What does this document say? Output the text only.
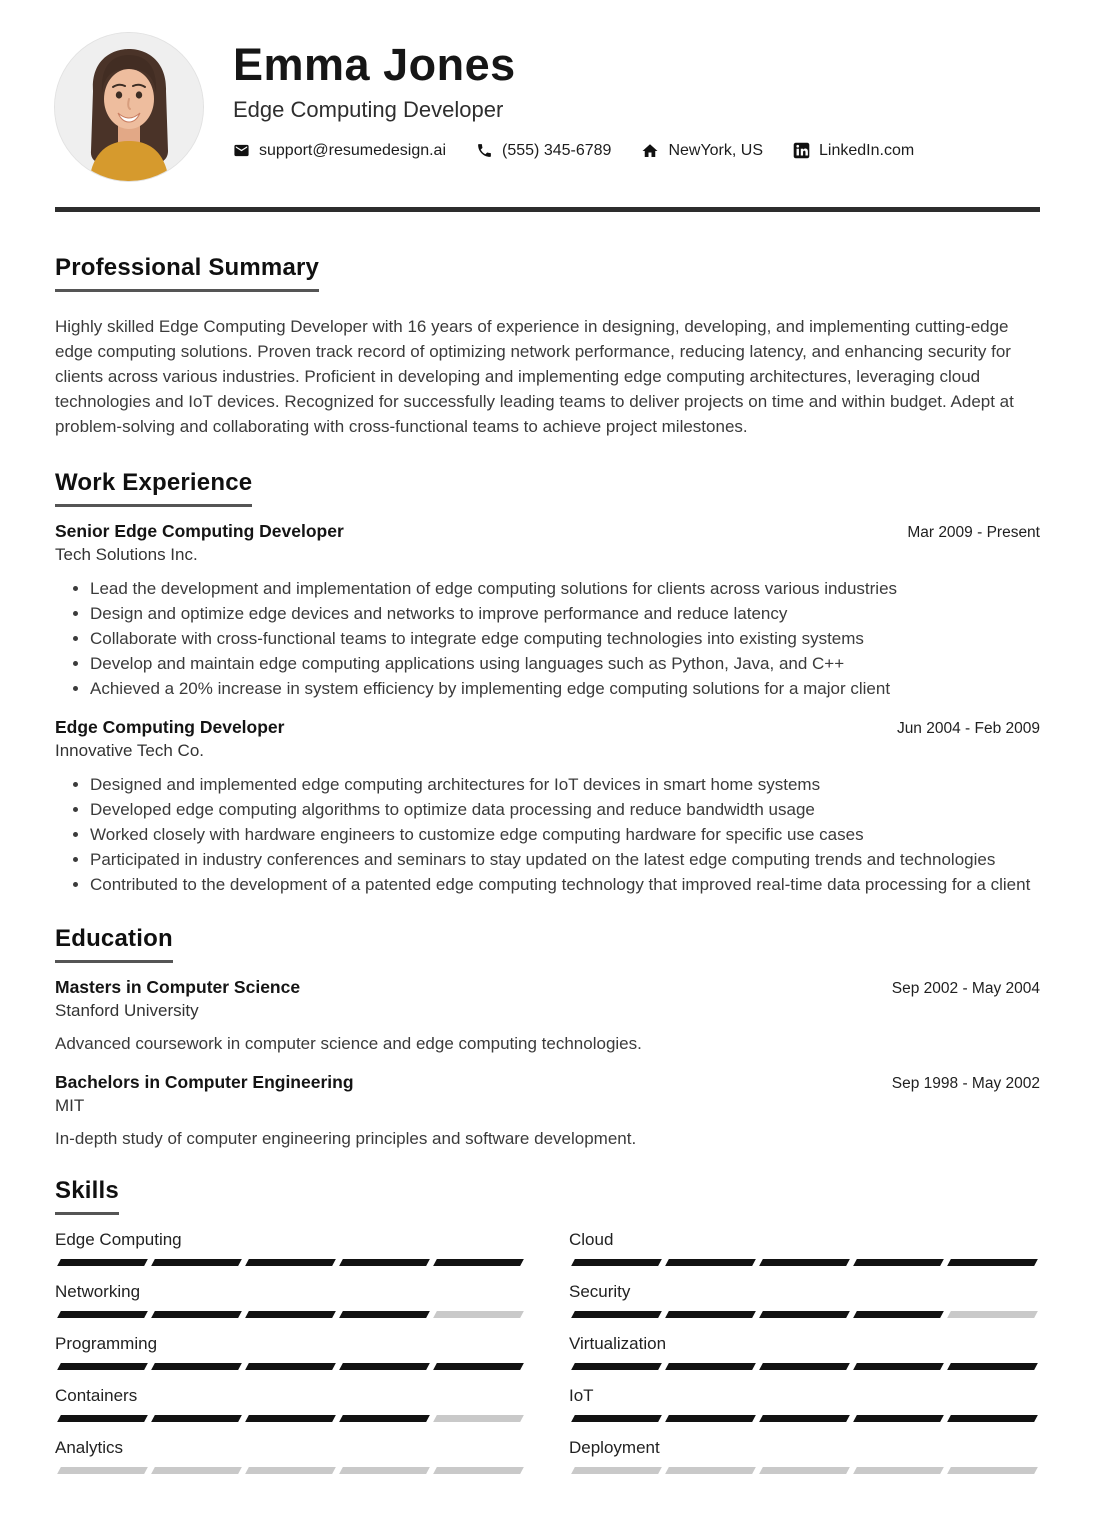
Emma Jones
Edge Computing Developer
support@resumedesign.ai	(555) 345-6789	NewYork, US	LinkedIn.com
Professional Summary

Highly skilled Edge Computing Developer with 16 years of experience in designing, developing, and implementing cutting-edge edge computing solutions. Proven track record of optimizing network performance, reducing latency, and enhancing security for clients across various industries. Proficient in developing and implementing edge computing architectures, leveraging cloud technologies and IoT devices. Recognized for successfully leading teams to deliver projects on time and within budget. Adept at problem-solving and collaborating with cross-functional teams to achieve project milestones.

Work Experience
Senior Edge Computing Developer	Mar 2009 - Present
Tech Solutions Inc.
• Lead the development and implementation of edge computing solutions for clients across various industries
• Design and optimize edge devices and networks to improve performance and reduce latency
• Collaborate with cross-functional teams to integrate edge computing technologies into existing systems
• Develop and maintain edge computing applications using languages such as Python, Java, and C++
• Achieved a 20% increase in system efficiency by implementing edge computing solutions for a major client
Edge Computing Developer	Jun 2004 - Feb 2009
Innovative Tech Co.
• Designed and implemented edge computing architectures for IoT devices in smart home systems
• Developed edge computing algorithms to optimize data processing and reduce bandwidth usage
• Worked closely with hardware engineers to customize edge computing hardware for specific use cases
• Participated in industry conferences and seminars to stay updated on the latest edge computing trends and technologies
• Contributed to the development of a patented edge computing technology that improved real-time data processing for a client
Education
Masters in Computer Science	Sep 2002 - May 2004
Stanford University

Advanced coursework in computer science and edge computing technologies.

Bachelors in Computer Engineering	Sep 1998 - May 2002
MIT

In-depth study of computer engineering principles and software development.

Skills
Edge Computing
Networking
Programming
Containers
Analytics
Cloud
Security
Virtualization
IoT
Deployment
